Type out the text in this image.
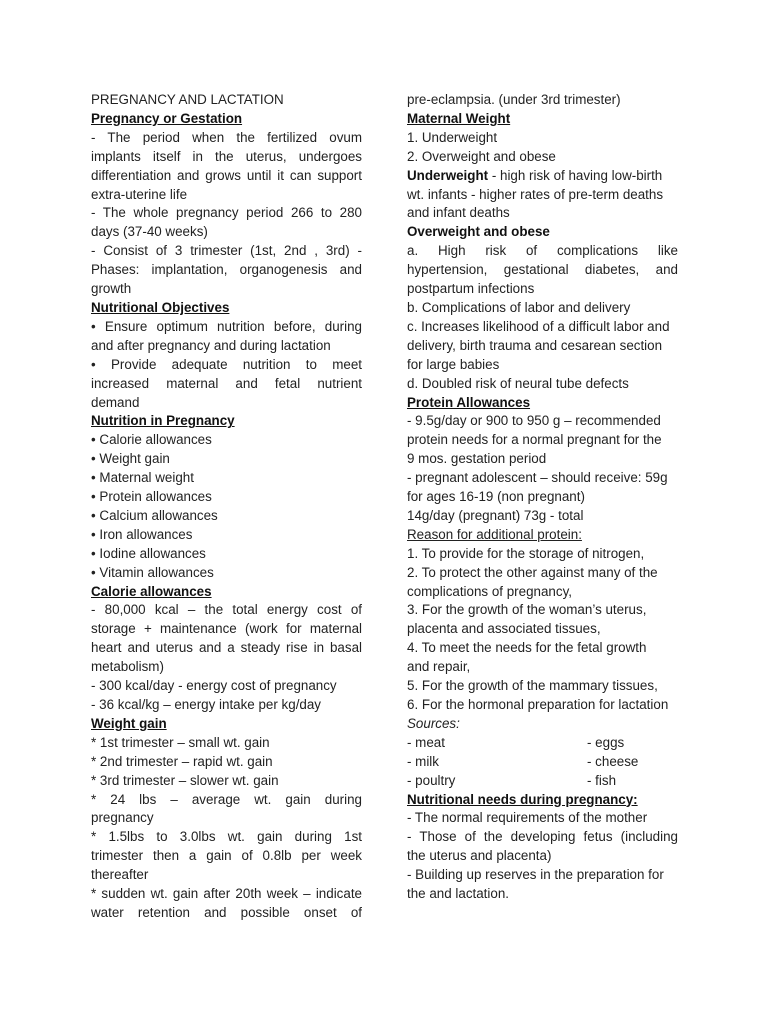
PREGNANCY AND LACTATION
Pregnancy or Gestation
- The period when the fertilized ovum
implants itself in the uterus, undergoes
differentiation and grows until it can support
extra-uterine life
- The whole pregnancy period 266 to 280
days (37-40 weeks)
- Consist of 3 trimester (1st, 2nd , 3rd) -
Phases: implantation, organogenesis and
growth
Nutritional Objectives
• Ensure optimum nutrition before, during
and after pregnancy and during lactation
• Provide adequate nutrition to meet
increased maternal and fetal nutrient
demand
Nutrition in Pregnancy
• Calorie allowances
• Weight gain
• Maternal weight
• Protein allowances
• Calcium allowances
• Iron allowances
• Iodine allowances
• Vitamin allowances
Calorie allowances
- 80,000 kcal – the total energy cost of
storage + maintenance (work for maternal
heart and uterus and a steady rise in basal
metabolism)
- 300 kcal/day - energy cost of pregnancy
- 36 kcal/kg – energy intake per kg/day
Weight gain
* 1st trimester – small wt. gain
* 2nd trimester – rapid wt. gain
* 3rd trimester – slower wt. gain
* 24 lbs – average wt. gain during
pregnancy
* 1.5lbs to 3.0lbs wt. gain during 1st
trimester then a gain of 0.8lb per week
thereafter
* sudden wt. gain after 20th week – indicate
water retention and possible onset of
pre-eclampsia. (under 3rd trimester)
Maternal Weight
1. Underweight
2. Overweight and obese
Underweight - high risk of having low-birth
wt. infants - higher rates of pre-term deaths
and infant deaths
Overweight and obese
a. High risk of complications like
hypertension, gestational diabetes, and
postpartum infections
b. Complications of labor and delivery
c. Increases likelihood of a difficult labor and
delivery, birth trauma and cesarean section
for large babies
d. Doubled risk of neural tube defects
Protein Allowances
- 9.5g/day or 900 to 950 g – recommended
protein needs for a normal pregnant for the
9 mos. gestation period
- pregnant adolescent – should receive: 59g
for ages 16-19 (non pregnant)
14g/day (pregnant) 73g - total
Reason for additional protein:
1. To provide for the storage of nitrogen,
2. To protect the other against many of the
complications of pregnancy,
3. For the growth of the woman’s uterus,
placenta and associated tissues,
4. To meet the needs for the fetal growth
and repair,
5. For the growth of the mammary tissues,
6. For the hormonal preparation for lactation
Sources:
- meat	- eggs
- milk	- cheese
- poultry	- fish
Nutritional needs during pregnancy:
- The normal requirements of the mother
- Those of the developing fetus (including
the uterus and placenta)
- Building up reserves in the preparation for
the and lactation.
